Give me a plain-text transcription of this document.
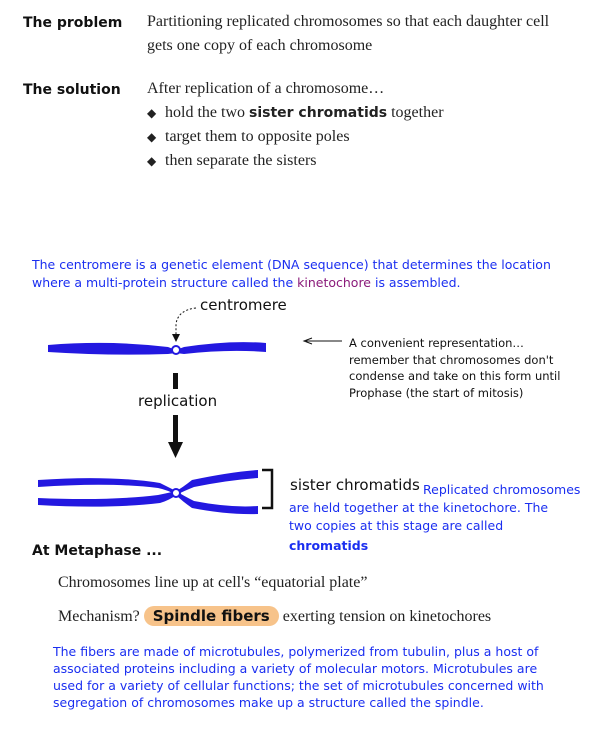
The problem Partitioning replicated chromosomes so that each daughter cell
gets one copy of each chromosome
The solution After replication of a chromosome…
◆ hold the two sister chromatids together
◆ target them to opposite poles
◆ then separate the sisters
The centromere is a genetic element (DNA sequence) that determines the location
where a multi-protein structure called the kinetochore is assembled.
centromere
replication
sister chromatids
A convenient representation…
remember that chromosomes don't
condense and take on this form until
Prophase (the start of mitosis)
Replicated chromosomes
are held together at the kinetochore. The
two copies at this stage are called
chromatids
At Metaphase ...
Chromosomes line up at cell's “equatorial plate”
Mechanism? Spindle fibers exerting tension on kinetochores
The fibers are made of microtubules, polymerized from tubulin, plus a host of
associated proteins including a variety of molecular motors. Microtubules are
used for a variety of cellular functions; the set of microtubules concerned with
segregation of chromosomes make up a structure called the spindle.
